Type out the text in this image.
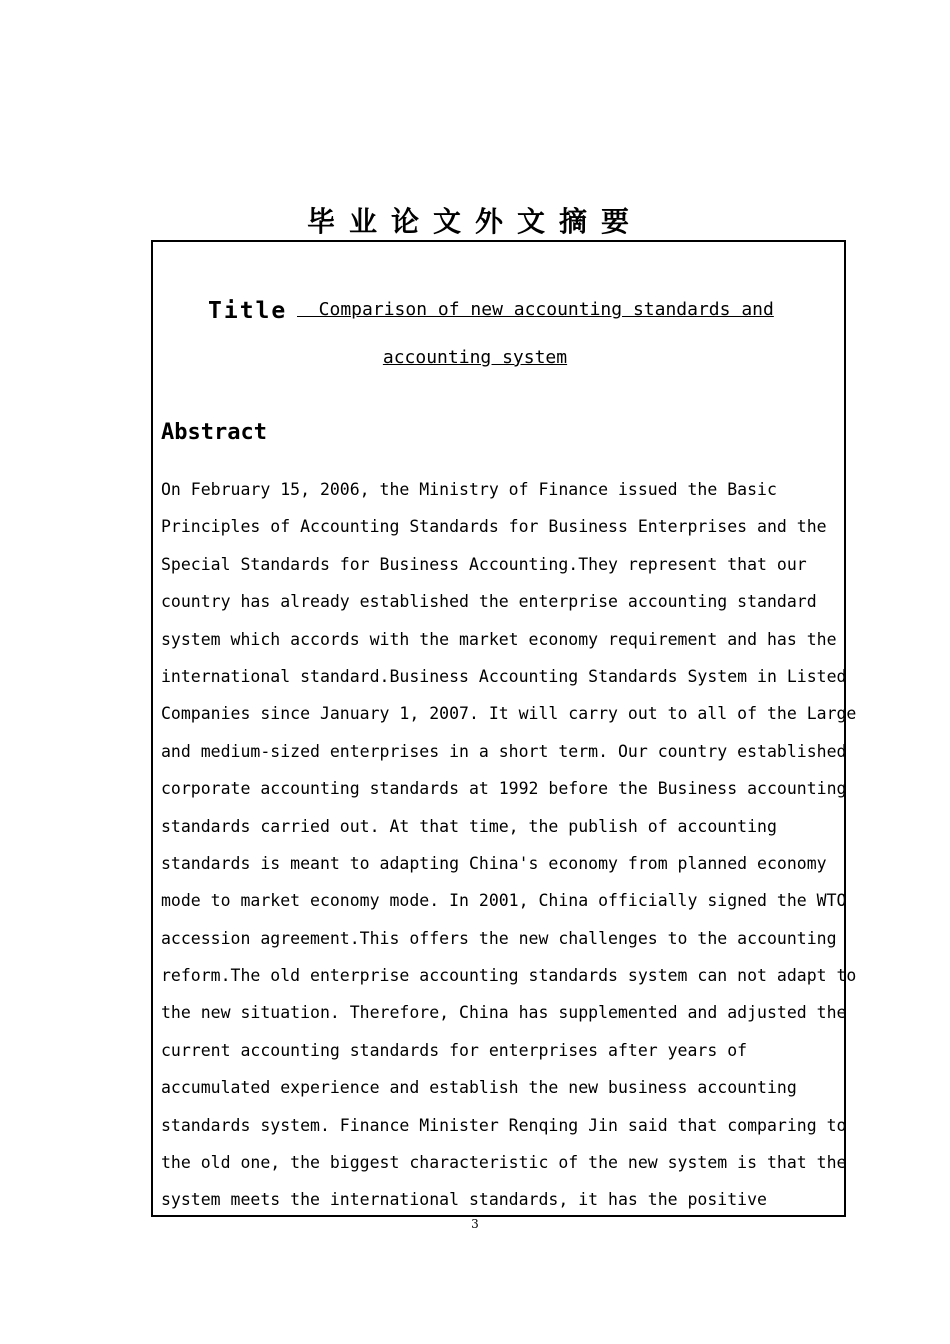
毕业论文外文摘要
Title Comparison of new accounting standards and
accounting system
Abstract
On February 15, 2006, the Ministry of Finance issued the Basic
Principles of Accounting Standards for Business Enterprises and the
Special Standards for Business Accounting.They represent that our
country has already established the enterprise accounting standard
system which accords with the market economy requirement and has the
international standard.Business Accounting Standards System in Listed
Companies since January 1, 2007. It will carry out to all of the Large
and medium-sized enterprises in a short term. Our country established
corporate accounting standards at 1992 before the Business accounting
standards carried out. At that time, the publish of accounting
standards is meant to adapting China's economy from planned economy
mode to market economy mode. In 2001, China officially signed the WTO
accession agreement.This offers the new challenges to the accounting
reform.The old enterprise accounting standards system can not adapt to
the new situation. Therefore, China has supplemented and adjusted the
current accounting standards for enterprises after years of
accumulated experience and establish the new business accounting
standards system. Finance Minister Renqing Jin said that comparing to
the old one, the biggest characteristic of the new system is that the
system meets the international standards, it has the positive
3
